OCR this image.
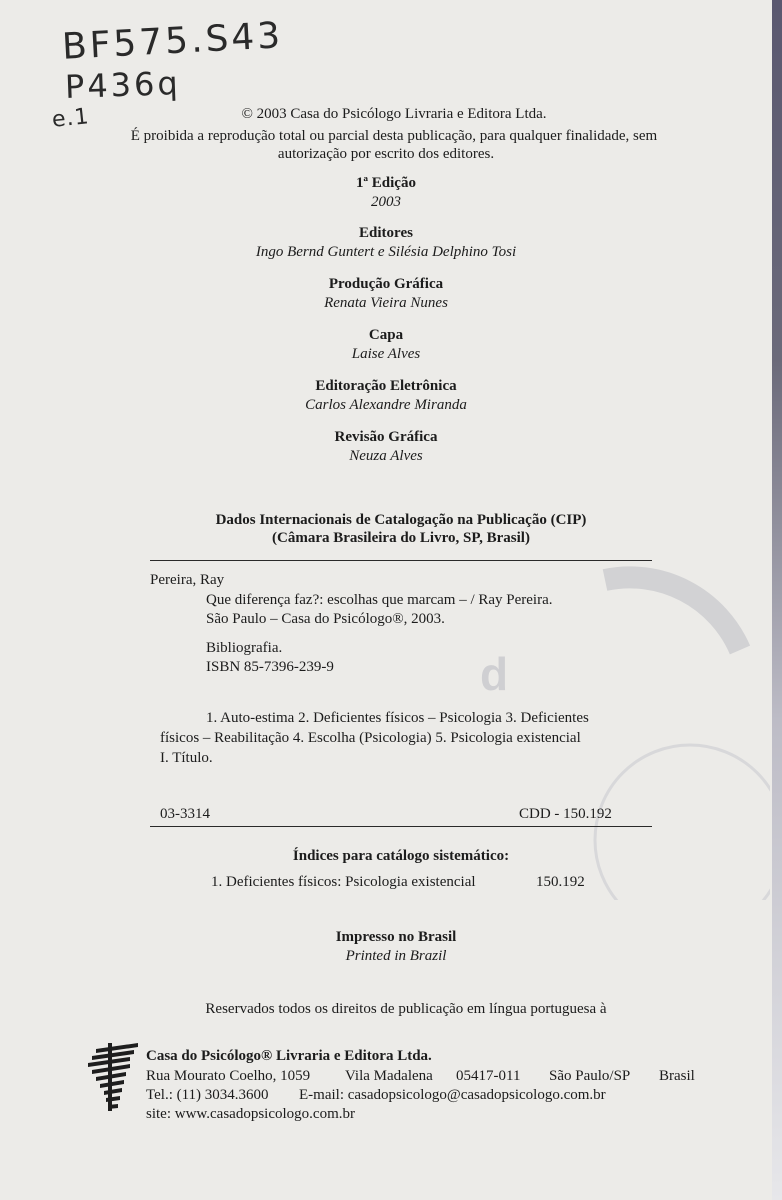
d
BF575.S43
P436q
e.1	© 2003 Casa do Psicólogo Livraria e Editora Ltda.
É proibida a reprodução total ou parcial desta publicação, para qualquer finalidade, sem
autorização por escrito dos editores.
1ª Edição
2003
Editores
Ingo Bernd Guntert e Silésia Delphino Tosi
Produção Gráfica
Renata Vieira Nunes
Capa
Laise Alves
Editoração Eletrônica
Carlos Alexandre Miranda
Revisão Gráfica
Neuza Alves
Dados Internacionais de Catalogação na Publicação (CIP)
(Câmara Brasileira do Livro, SP, Brasil)
Pereira, Ray
Que diferença faz?: escolhas que marcam – / Ray Pereira.
São Paulo – Casa do Psicólogo®, 2003.
Bibliografia.
ISBN 85-7396-239-9
1. Auto-estima 2. Deficientes físicos – Psicologia 3. Deficientes
físicos – Reabilitação 4. Escolha (Psicologia) 5. Psicologia existencial
I. Título.
03-3314	CDD - 150.192
Índices para catálogo sistemático:
1. Deficientes físicos: Psicologia existencial	150.192
Impresso no Brasil
Printed in Brazil
Reservados todos os direitos de publicação em língua portuguesa à
Casa do Psicólogo® Livraria e Editora Ltda.
Rua Mourato Coelho, 1059 Vila Madalena 05417-011 São Paulo/SP Brasil
Tel.: (11) 3034.3600 E-mail: casadopsicologo@casadopsicologo.com.br
site: www.casadopsicologo.com.br
